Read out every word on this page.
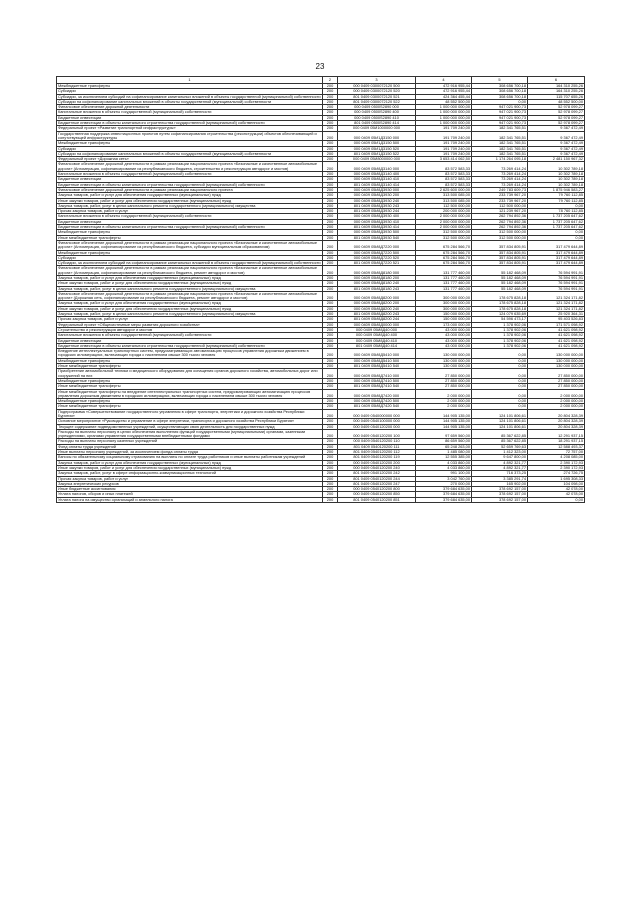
23
1	2	3	4	5	6
Межбюджетные трансферты	200	000 0409 0300072120 500	472 916 955,44	308 656 700,18	164 310 255,26
Субсидии	200	000 0409 0300072120 520	472 916 955,44	308 656 700,18	164 310 255,26
Субсидии, за исключением субсидий на софинансирование капитальных вложений в объекты государственной (муниципальной) собственности	200	801 0409 0300072120 521	424 364 455,44	308 656 700,18	115 707 655,26
Субсидии на софинансирование капитальных вложений в объекты государственной (муниципальной) собственности	200	801 0409 0300072120 522	48 552 500,00	0,00	48 552 500,00
Финансовое обеспечение дорожной деятельности	200	000 0409 0500S2890 000	1 000 000 000,00	947 021 900,73	52 978 099,27
Капитальные вложения в объекты государственной (муниципальной) собственности	200	000 0409 0500S2890 400	1 000 000 000,00	947 021 900,73	52 978 099,27
Бюджетные инвестиции	200	000 0409 0500S2890 410	1 000 000 000,00	947 021 900,73	52 978 099,27
Бюджетные инвестиции в объекты капитального строительства государственной (муниципальной) собственности	200	801 0409 0500S2890 414	1 000 000 000,00	947 021 900,73	52 978 099,27
Федеральный проект «Развитие транспортной инфраструктуры»	200	000 0409 05И1000000 000	191 709 240,00	182 341 765,51	9 367 472,49
Государственная поддержка инвестиционных проектов путем софинансирования строительства (реконструкции) объектов обеспечивающей и сопутствующей инфраструктуры	200	000 0409 05И1Д3150 000	191 709 240,00	182 341 765,51	9 367 472,49
Межбюджетные трансферты	200	000 0409 05И1Д3150 500	191 709 240,00	182 341 765,51	9 367 472,49
Субсидии	200	000 0409 05И1Д3150 520	191 709 240,00	182 341 765,51	9 367 472,49
Субсидии на софинансирование капитальных вложений в объекты государственной (муниципальной) собственности	200	801 0409 05И1Д3150 522	191 709 240,00	182 341 765,51	9 367 472,49
Федеральный проект «Дорожная сеть»	200	000 0409 05И8000000 000	3 653 414 062,50	1 174 264 095,18	2 481 150 967,32
Финансовое обеспечение дорожной деятельности в рамках реализации национального проекта «Безопасные и качественные автомобильные дороги» (Агломерация, софинансирование из республиканского бюджета, строительство и реконструкция автодорог и мостов)	200	000 0409 05И8Д3140 000	83 572 583,33	73 269 414,24	10 302 789,18
Капитальные вложения в объекты государственной (муниципальной) собственности	200	000 0409 05И8Д3140 400	83 572 583,33	73 269 414,24	10 302 789,18
Бюджетные инвестиции	200	000 0409 05И8Д3140 410	83 572 583,33	73 269 414,24	10 302 789,18
Бюджетные инвестиции в объекты капитального строительства государственной (муниципальной) собственности	200	801 0409 05И8Д3140 414	83 572 583,33	73 269 414,24	10 302 789,18
Финансовое обеспечение дорожной деятельности в рамках реализации национального проекта	200	000 0409 05И8Д3930 000	2 625 600 000,00	249 783 609,73	1 875 946 583,27
Закупка товаров, работ и услуг для обеспечения государственных (муниципальных) нужд	200	000 0409 05И8Д3930 200	313 500 085,00	233 739 967,20	79 760 112,85
Иные закупки товаров, работ и услуг для обеспечения государственных (муниципальных) нужд	200	000 0409 05И8Д3930 240	313 500 085,00	233 739 967,20	79 760 112,85
Закупка товаров, работ, услуг в целях капитального ремонта государственного (муниципального) имущества	200	801 0409 05И8Д3930 243	112 500 000,00	112 500 000,00	0,00
Прочая закупка товаров, работ и услуг	200	801 0409 05И8Д3930 244	200 000 000,00	121 239 967,20	78 760 112,85
Капитальные вложения в объекты государственной (муниципальной) собственности	200	000 0409 05И8Д3930 400	2 000 000 000,00	262 794 892,36	1 737 205 647,62
Бюджетные инвестиции	200	000 0409 05И8Д3930 410	2 000 000 000,00	262 794 892,36	1 737 205 647,62
Бюджетные инвестиции в объекты капитального строительства государственной (муниципальной) собственности	200	801 0409 05И8Д3930 414	2 000 000 000,00	262 794 892,36	1 737 205 647,62
Межбюджетные трансферты	200	000 0409 05И8Д3930 500	312 500 000,00	312 500 000,00	0,00
Иные межбюджетные трансферты	200	801 0409 05И8Д3930 540	312 500 000,00	312 500 000,00	0,00
Финансовое обеспечение дорожной деятельности в рамках реализации национального проекта «Безопасные и качественные автомобильные дороги» (Агломерация, софинансирование из республиканского бюджета, субсидии муниципальным образованиям)	200	000 0409 05И8Д7220 000	675 284 566,70	357 834 805,91	317 479 644,89
Межбюджетные трансферты	200	000 0409 05И8Д7220 500	675 284 566,70	357 834 805,91	317 479 644,89
Субсидии	200	000 0409 05И8Д7220 520	675 284 566,70	357 834 805,91	317 479 644,89
Субсидии, за исключением субсидий на софинансирование капитальных вложений в объекты государственной (муниципальной) собственности	200	801 0409 05И8Д7220 521	675 284 566,70	357 834 805,91	317 479 644,89
Финансовое обеспечение дорожной деятельности в рамках реализации национального проекта «Безопасные и качественные автомобильные дороги» (Агломерация, софинансирование из республиканского бюджета, ремонт автодорог и мостов)	200	000 0409 05И8Д8180 000	131 777 460,00	55 182 468,09	76 594 991,91
Закупка товаров, работ и услуг для обеспечения государственных (муниципальных) нужд	200	000 0409 05И8Д8180 200	131 777 460,00	55 182 468,09	76 594 991,91
Иные закупки товаров, работ и услуг для обеспечения государственных (муниципальных) нужд	200	000 0409 05И8Д8180 240	131 777 460,00	55 182 468,09	76 594 991,91
Закупка товаров, работ, услуг в целях капитального ремонта государственного (муниципального) имущества	200	801 0409 05И8Д8180 243	131 777 460,00	55 182 468,09	76 594 991,91
Финансовое обеспечение дорожной деятельности в рамках реализации национального проекта «Безопасные и качественные автомобильные дороги» (Дорожная сеть, софинансирование из республиканского бюджета, ремонт автодорог и мостов)	200	000 0409 05И8Д8200 000	300 000 000,00	178 675 828,18	121 324 171,82
Закупка товаров, работ и услуг для обеспечения государственных (муниципальных) нужд	200	000 0409 05И8Д8200 200	300 000 000,00	178 675 828,18	121 324 171,82
Иные закупки товаров, работ и услуг для обеспечения государственных (муниципальных) нужд	200	000 0409 05И8Д8200 240	300 000 000,00	178 675 828,18	121 324 171,82
Закупка товаров, работ, услуг в целях капитального ремонта государственного (муниципального) имущества	200	801 0409 05И8Д8200 243	150 000 000,00	124 079 635,69	25 920 364,31
Прочая закупка товаров, работ и услуг	200	801 0409 05И8Д8200 244	150 000 000,00	54 596 473,17	95 403 526,83
Федеральный проект «Общесистемные меры развития дорожного хозяйства»	200	000 0409 05И8Д0000 000	173 000 000,00	1 378 902,06	171 571 098,92
Строительство и реконструкция автодорог и мостов	200	000 0409 05И8Д40 000	43 000 000,00	1 378 902,06	41 621 098,92
Капитальные вложения в объекты государственной (муниципальной) собственности	200	000 0409 05И8Д40 400	43 000 000,00	1 378 902,06	41 621 098,92
Бюджетные инвестиции	200	000 0409 05И8Д40 410	43 000 000,00	1 378 902,06	41 621 098,92
Бюджетные инвестиции в объекты капитального строительства государственной (муниципальной) собственности	200	801 0409 05И8Д40 414	43 000 000,00	1 378 902,06	41 621 098,92
Внедрение интеллектуальных транспортных систем, предусматривающих автоматизацию процессов управления дорожным движением в городских агломерациях, включающих города с населением свыше 300 тысяч человек	200	000 0409 05И8Д5410 000	130 000 000,00	0,00	130 000 000,00
Межбюджетные трансферты	200	000 0409 05И8Д5410 500	130 000 000,00	0,00	130 000 000,00
Иные межбюджетные трансферты	200	801 0409 05И8Д5410 540	130 000 000,00	0,00	130 000 000,00
Приобретение автомобильной техники и медицинского оборудования для оснащения органов дорожного хозяйства, автомобильных дорог или сооружений на них	200	000 0409 05И8Д7410 000	27 850 000,00	0,00	27 850 000,00
Межбюджетные трансферты	200	000 0409 05И8Д7410 500	27 850 000,00	0,00	27 850 000,00
Иные межбюджетные трансферты	200	801 0409 05И8Д7410 540	27 850 000,00	0,00	27 850 000,00
Иные межбюджетные трансферты на внедрение интеллектуальных транспортных систем, предусматривающих автоматизацию процессов управления дорожным движением в городских агломерациях, включающих города с населением свыше 300 тысяч человек	200	000 0409 05И8Д7420 000	2 000 000,00	0,00	2 000 000,00
Межбюджетные трансферты	200	000 0409 05И8Д7420 500	2 000 000,00	0,00	2 000 000,00
Иные межбюджетные трансферты	200	801 0409 05И8Д7420 540	2 000 000,00	0,00	2 000 000,00
Подпрограмма «Совершенствование государственного управления в сфере транспорта, энергетики и дорожного хозяйства Республики Бурятия»	200	000 0409 0540000000 000	144 905 135,00	124 101 806,61	20 804 328,39
Основное мероприятие «Руководство и управление в сфере энергетики, транспорта и дорожного хозяйства Республики Бурятия»	200	000 0409 0540100000 000	144 905 135,00	124 101 806,61	20 804 328,39
Текущее содержание подведомственных учреждений, осуществляющих свою деятельность для государственных нужд	200	000 0409 0540120200 000	144 905 135,00	124 101 806,61	20 804 328,39
Расходы на выплаты персоналу в целях обеспечения выполнения функций государственными (муниципальными) органами, казенными учреждениями, органами управления государственными внебюджетными фондами	200	000 0409 0540120200 100	97 659 560,00	85 367 622,85	12 291 937,15
Расходы на выплаты персоналу казенных учреждений	200	000 0409 0540120200 110	86 659 560,00	85 367 622,85	18 291 937,15
Фонд оплаты труда учреждений	200	801 0409 0540120200 111	65 248 263,00	52 659 769,63	12 588 493,37
Иные выплаты персоналу учреждений, за исключением фонда оплаты труда	200	801 0409 0540120200 112	1 485 080,00	1 412 323,00	72 757,00
Взносы по обязательному социальному страхованию на выплаты по оплате труда работников и иные выплаты работникам учреждений	200	801 0409 0540120200 119	12 555 385,00	9 647 800,00	4 208 085,00
Закупка товаров, работ и услуг для обеспечения государственных (муниципальных) нужд	200	000 0409 0540120200 200	4 033 860,00	4 892 321,77	2 390 172,93
Иные закупки товаров, работ и услуг для обеспечения государственных (муниципальных) нужд	200	000 0409 0540120200 240	4 033 860,00	4 892 321,77	2 390 172,93
Закупка товаров, работ, услуг в сфере информационно-коммуникационных технологий	200	801 0409 0540120200 242	991 100,00	716 373,25	274 726,75
Прочая закупка товаров, работ и услуг	200	801 0409 0540120200 244	3 042 760,00	3 385 291,74	1 695 308,33
Закупка энергетических ресурсов	200	801 0409 0540120200 247	270 000,00	165 902,00	104 098,00
Иные бюджетные ассигнования	200	000 0409 0540120200 800	379 684 635,00	378 692 157,00	42 078,00
Уплата налогов, сборов и иных платежей	200	000 0409 0540120200 850	379 684 635,00	378 692 157,00	42 078,00
Уплата налога на имущество организаций и земельного налога	200	801 0409 0540120200 851	379 684 635,00	378 692 157,00	0,00
